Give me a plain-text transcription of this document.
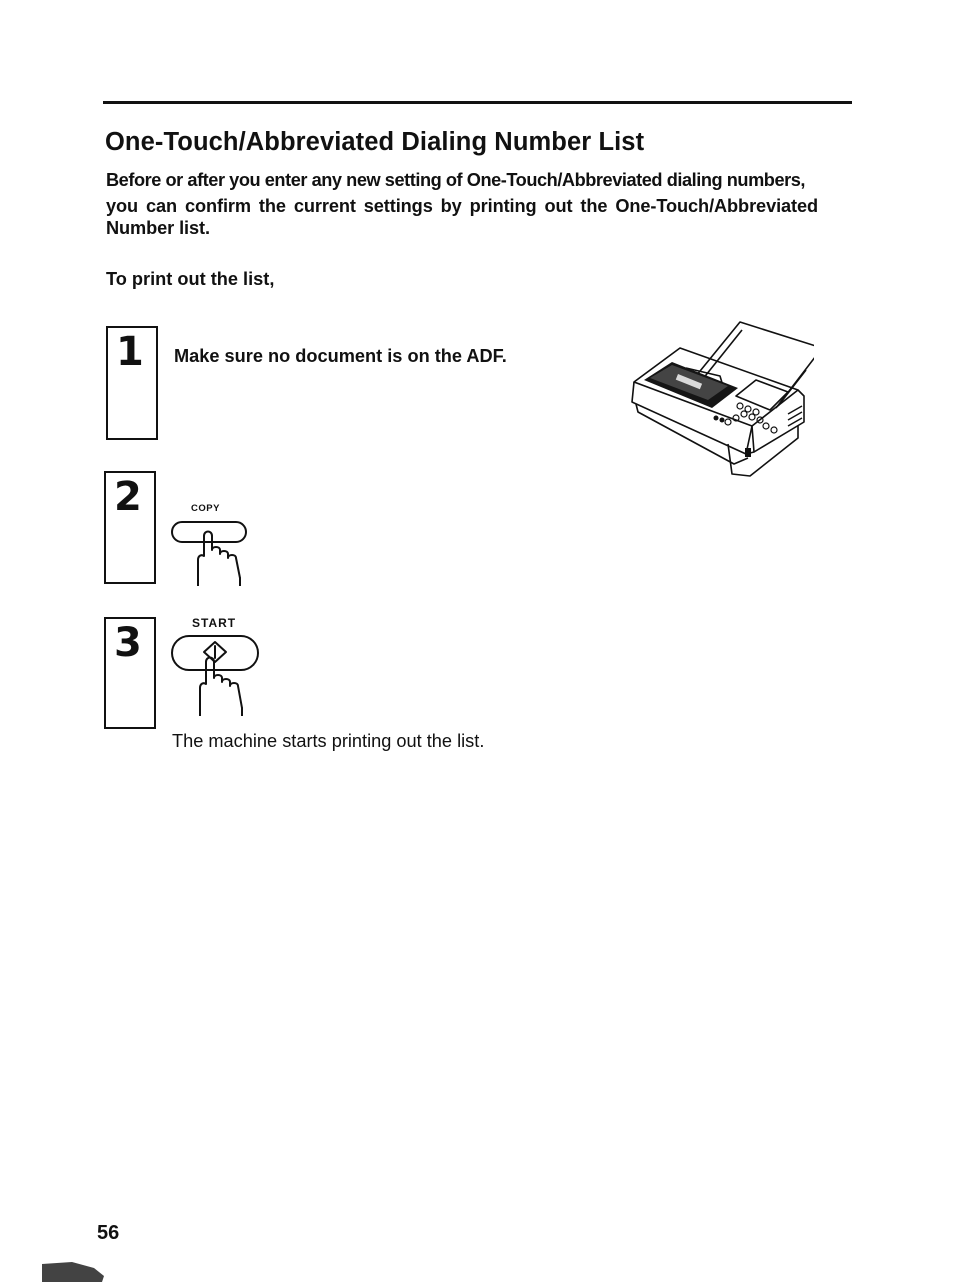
One-Touch/Abbreviated Dialing Number List
Before or after you enter any new setting of One-Touch/Abbreviated dialing numbers,
you can confirm the current settings by printing out the One-Touch/Abbreviated
Number list.
To print out the list,
1 Make sure no document is on the ADF.
2	COPY
3	START
The machine starts printing out the list.
56
